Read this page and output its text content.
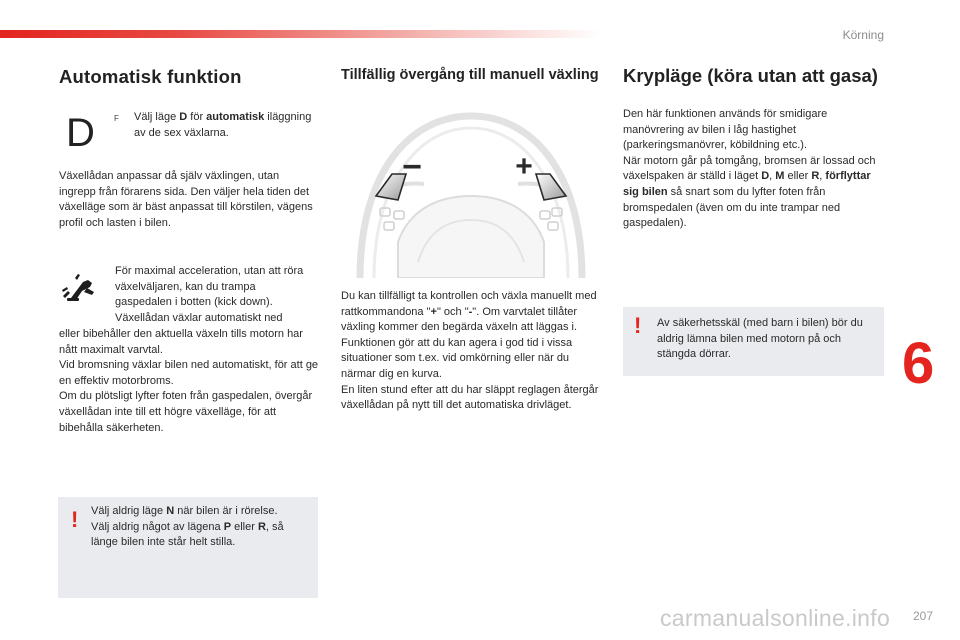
Körning
Automatisk funktion
D F Välj läge D för automatisk iläggning av de sex växlarna.

Växellådan anpassar då själv växlingen, utan ingrepp från förarens sida. Den väljer hela tiden det växelläge som är bäst anpassat till körstilen, vägens profil och lasten i bilen.

För maximal acceleration, utan att röra växelväljaren, kan du trampa gaspedalen i botten (kick down). Växellådan växlar automatiskt ned

eller bibehåller den aktuella växeln tills motorn har nått maximalt varvtal.

Vid bromsning växlar bilen ned automatiskt, för att ge en effektiv motorbroms.

Om du plötsligt lyfter foten från gaspedalen, övergår växellådan inte till ett högre växelläge, för att bibehålla säkerheten.

! Välj aldrig läge N när bilen är i rörelse.
Välj aldrig något av lägena P eller R, så länge bilen inte står helt stilla.
Tillfällig övergång till manuell växling
−	+

Du kan tillfälligt ta kontrollen och växla manuellt med rattkommandona "+" och "-". Om varvtalet tillåter växling kommer den begärda växeln att läggas i.

Funktionen gör att du kan agera i god tid i vissa situationer som t.ex. vid omkörning eller när du närmar dig en kurva.

En liten stund efter att du har släppt reglagen återgår växellådan på nytt till det automatiska drivläget.

Krypläge (köra utan att gasa)

Den här funktionen används för smidigare manövrering av bilen i låg hastighet (parkeringsmanövrer, köbildning etc.).

När motorn går på tomgång, bromsen är lossad och växelspaken är ställd i läget D, M eller R, förflyttar sig bilen så snart som du lyfter foten från bromspedalen (även om du inte trampar ned gaspedalen).

! Av säkerhetsskäl (med barn i bilen) bör du aldrig lämna bilen med motorn på och stängda dörrar.	6
carmanualsonline.info 207
